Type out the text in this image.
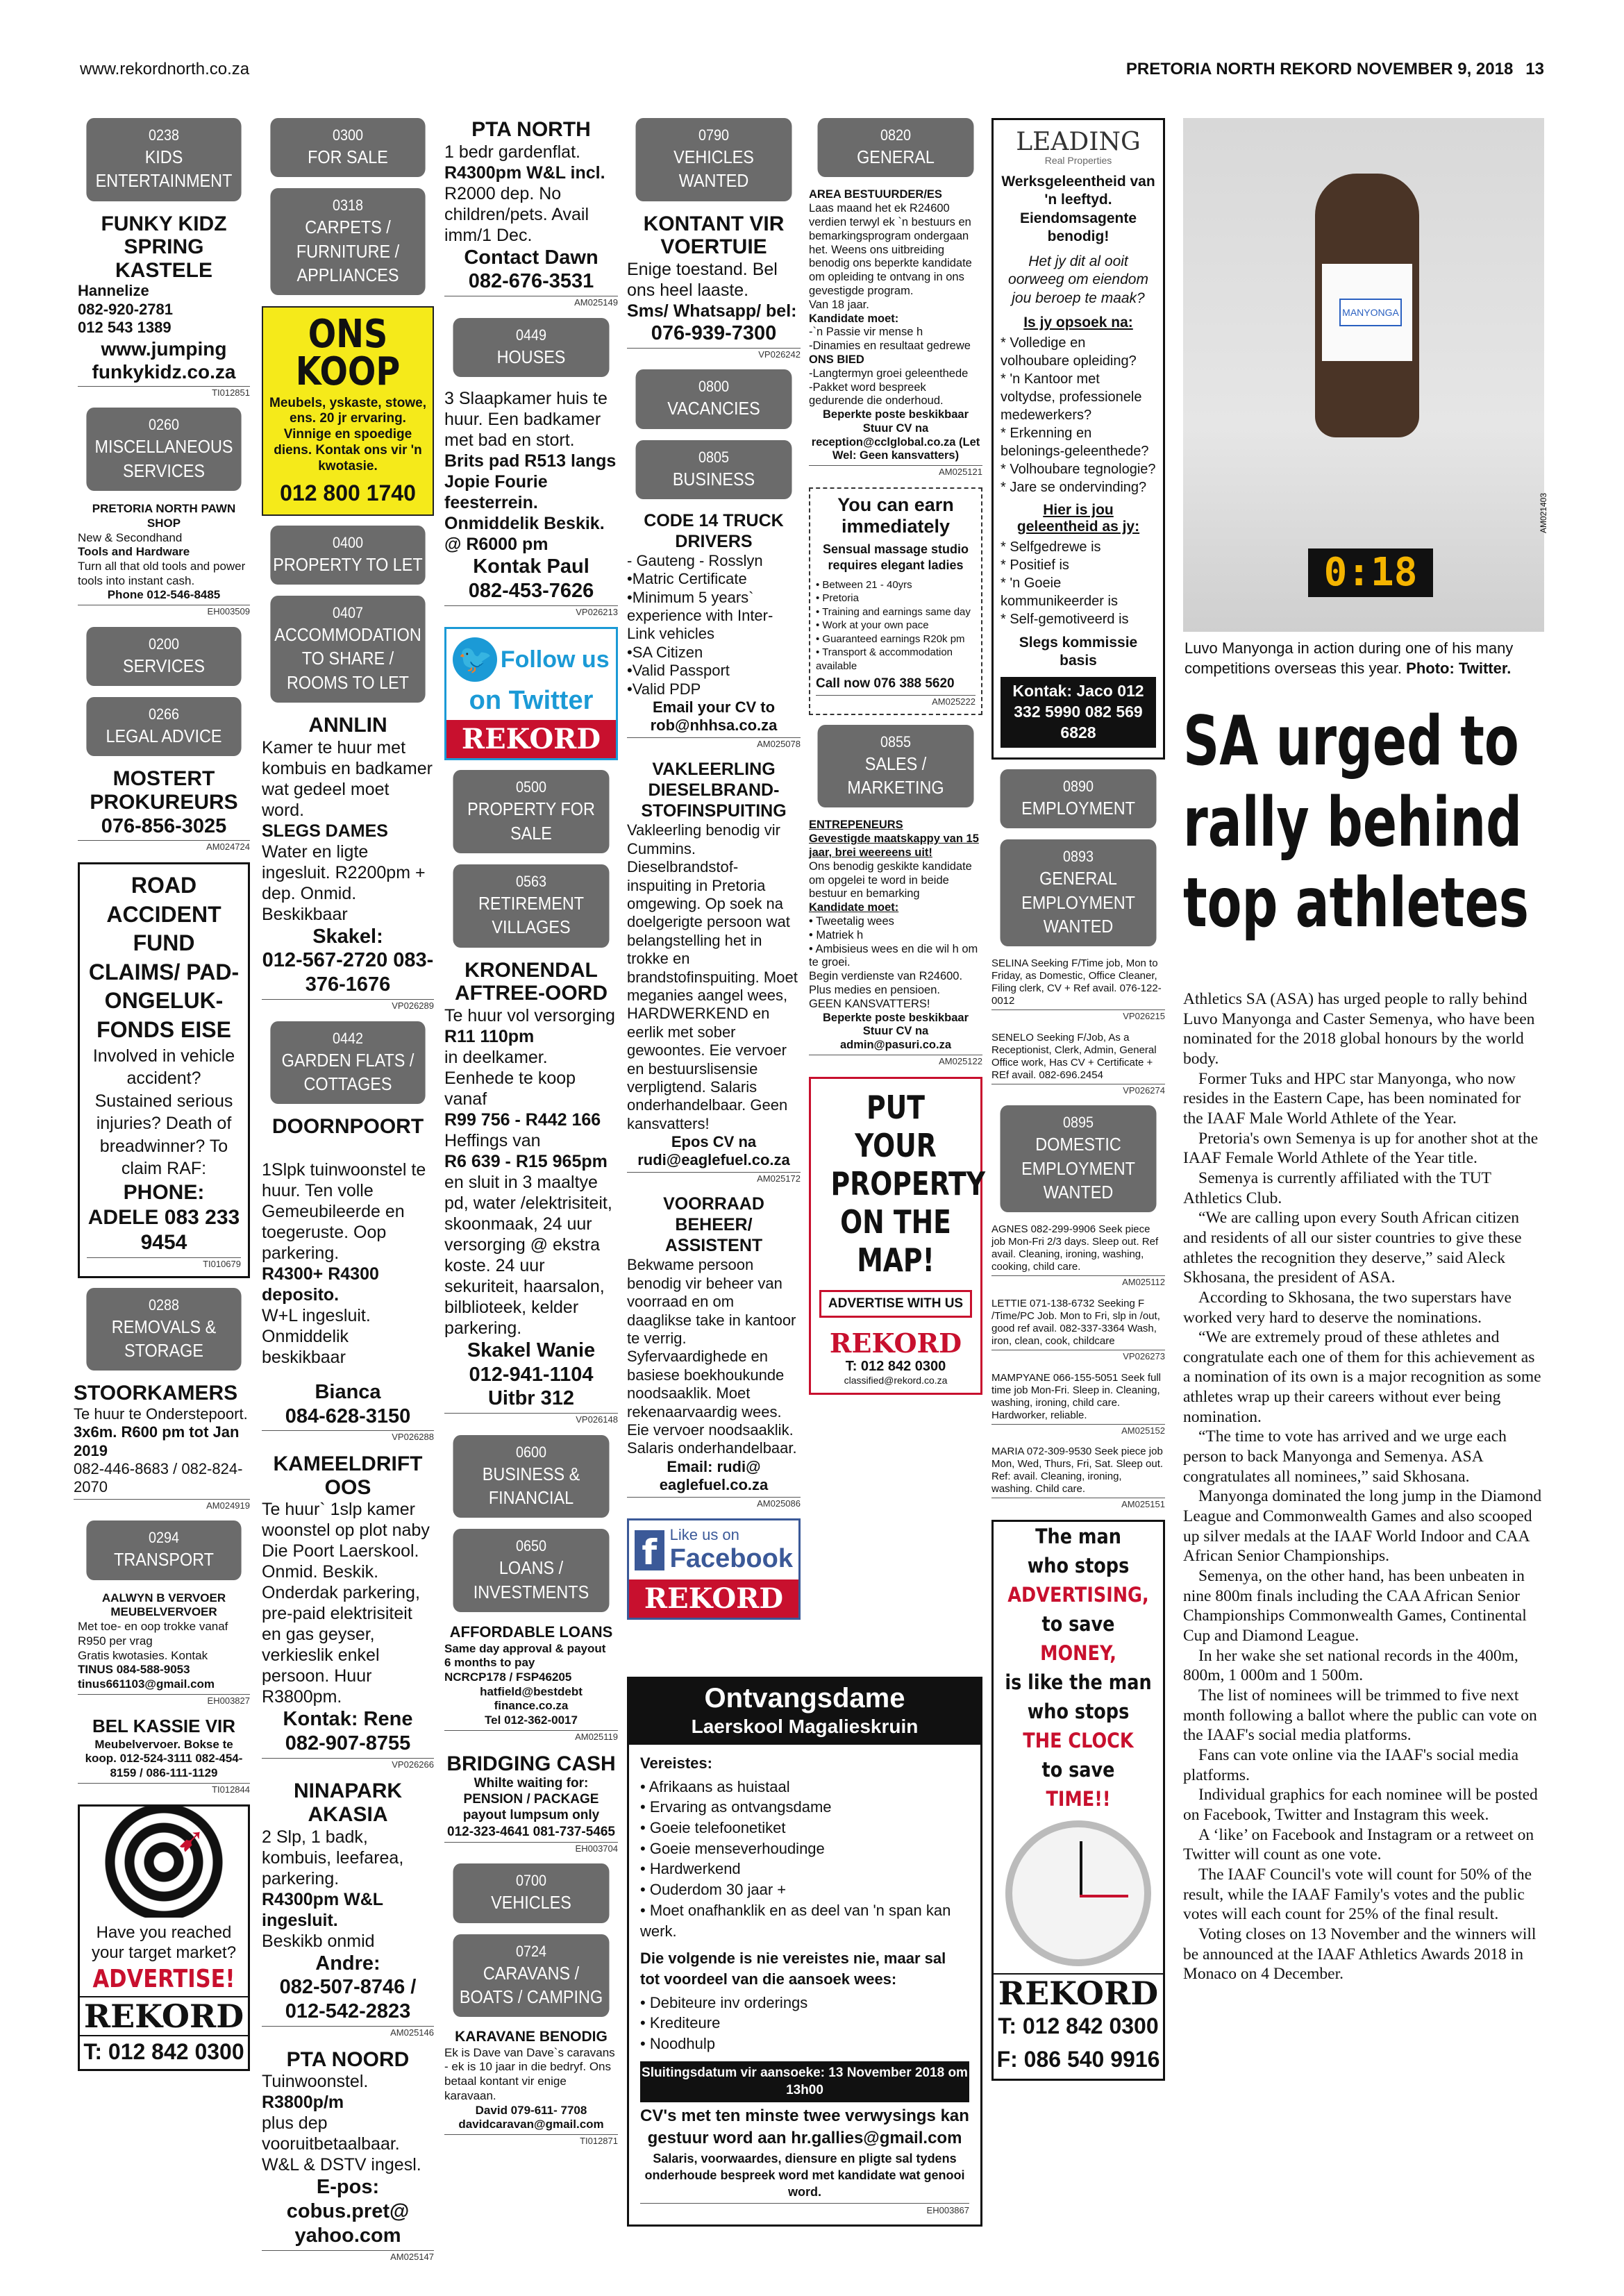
www.rekordnorth.co.za	PRETORIA NORTH REKORD NOVEMBER 9, 2018 13
0238
KIDS ENTERTAINMENT
FUNKY KIDZ SPRING KASTELE
Hannelize
082-920-2781
012 543 1389
www.jumping funkykidz.co.za
TI012851
0260
MISCELLANEOUS SERVICES
PRETORIA NORTH PAWN SHOP
New & Secondhand
Tools and Hardware
Turn all that old tools and power tools into instant cash.
Phone 012-546-8485
EH003509
0200
SERVICES
0266
LEGAL ADVICE
MOSTERT PROKUREURS
076-856-3025
AM024724
ROAD ACCIDENT FUND CLAIMS/ PAD-ONGELUK-FONDS EISE
Involved in vehicle accident? Sustained serious injuries? Death of breadwinner? To claim RAF:
PHONE: ADELE 083 233 9454
TI010679
0288
REMOVALS & STORAGE
STOORKAMERS
Te huur te Onderstepoort.
3x6m. R600 pm tot Jan 2019
082-446-8683 / 082-824-2070
AM024919
0294
TRANSPORT
AALWYN B VERVOER MEUBELVERVOER
Met toe- en oop trokke vanaf R950 per vrag
Gratis kwotasies. Kontak
TINUS 084-588-9053
tinus661103@gmail.com
EH003827
BEL KASSIE VIR
Meubelvervoer. Bokse te koop. 012-524-3111 082-454- 8159 / 086-111-1129
TI012844
➹
Have you reached your target market?
ADVERTISE!
REKORD
T: 012 842 0300
0300
FOR SALE
0318
CARPETS / FURNITURE / APPLIANCES
ONS KOOP
Meubels, yskaste, stowe, ens. 20 jr ervaring. Vinnige en spoedige diens. Kontak ons vir 'n kwotasie.
012 800 1740
0400
PROPERTY TO LET
0407
ACCOMMODATION TO SHARE / ROOMS TO LET
ANNLIN
Kamer te huur met kombuis en badkamer wat gedeel moet word.
SLEGS DAMES
Water en ligte ingesluit. R2200pm + dep. Onmid. Beskikbaar
Skakel:
012-567-2720 083-376-1676
VP026289
0442
GARDEN FLATS / COTTAGES
DOORNPOORT
1Slpk tuinwoonstel te huur. Ten volle Gemeubileerde en toegeruste. Oop parkering.
R4300+ R4300 deposito.
W+L ingesluit. Onmiddelik beskikbaar
Bianca
084-628-3150
VP026288
KAMEELDRIFT OOS
Te huur` 1slp kamer woonstel op plot naby Die Poort Laerskool. Onmid. Beskik. Onderdak parkering, pre-paid elektrisiteit en gas geyser, verkieslik enkel persoon. Huur R3800pm.
Kontak: Rene
082-907-8755
VP026266
NINAPARK AKASIA
2 Slp, 1 badk, kombuis, leefarea, parkering.
R4300pm W&L ingesluit.
Beskikb onmid
Andre:
082-507-8746 / 012-542-2823
AM025146
PTA NOORD
Tuinwoonstel.
R3800p/m
plus dep vooruitbetaalbaar. W&L & DSTV ingesl.
E-pos:
cobus.pret@ yahoo.com
AM025147
PTA NORTH
1 bedr gardenflat.
R4300pm W&L incl.
R2000 dep. No children/pets. Avail imm/1 Dec.
Contact Dawn
082-676-3531
AM025149
0449
HOUSES
3 Slaapkamer huis te huur. Een badkamer met bad en stort.
Brits pad R513 langs Jopie Fourie feesterrein. Onmiddelik Beskik.
@ R6000 pm
Kontak Paul
082-453-7626
VP026213
🐦 Follow us
on Twitter
REKORD
0500
PROPERTY FOR SALE
0563
RETIREMENT VILLAGES
KRONENDAL AFTREE-OORD
Te huur vol versorging
R11 110pm
in deelkamer. Eenhede te koop vanaf
R99 756 - R442 166
Heffings van
R6 639 - R15 965pm
en sluit in 3 maaltye pd, water /elektrisiteit, skoonmaak, 24 uur versorging @ ekstra koste. 24 uur sekuriteit, haarsalon, bilblioteek, kelder parkering.
Skakel Wanie
012-941-1104 Uitbr 312
VP026148
0600
BUSINESS & FINANCIAL
0650
LOANS / INVESTMENTS
AFFORDABLE LOANS
Same day approval & payout
6 months to pay
NCRCP178 / FSP46205
hatfield@bestdebt finance.co.za
Tel 012-362-0017
AM025119
BRIDGING CASH
Whilte waiting for: PENSION / PACKAGE payout lumpsum only
012-323-4641 081-737-5465
EH003704
0700
VEHICLES
0724
CARAVANS / BOATS / CAMPING
KARAVANE BENODIG
Ek is Dave van Dave`s caravans - ek is 10 jaar in die bedryf. Ons betaal kontant vir enige karavaan.
David 079-611- 7708 davidcaravan@gmail.com
TI012871
0790
VEHICLES WANTED
KONTANT VIR VOERTUIE
Enige toestand. Bel ons heel laaste.
Sms/ Whatsapp/ bel:
076-939-7300
VP026242
0800
VACANCIES
0805
BUSINESS
CODE 14 TRUCK DRIVERS
- Gauteng - Rosslyn
•Matric Certificate
•Minimum 5 years` experience with Inter-Link vehicles
•SA Citizen
•Valid Passport
•Valid PDP
Email your CV to rob@nhhsa.co.za
AM025078
VAKLEERLING DIESELBRAND-STOFINSPUITING
Vakleerling benodig vir Cummins. Dieselbrandstof-inspuiting in Pretoria omgewing. Op soek na doelgerigte persoon wat belangstelling het in trokke en brandstofinspuiting. Moet meganies aangel wees, HARDWERKEND en eerlik met sober gewoontes. Eie vervoer en bestuurslisensie verpligtend. Salaris onderhandelbaar. Geen kansvatters!
Epos CV na
rudi@eaglefuel.co.za
AM025172
VOORRAAD BEHEER/ ASSISTENT
Bekwame persoon benodig vir beheer van voorraad en om daaglikse take in kantoor te verrig. Syfervaardighede en basiese boekhoukunde noodsaaklik. Moet rekenaarvaardig wees. Eie vervoer noodsaaklik. Salaris onderhandelbaar.
Email: rudi@ eaglefuel.co.za
AM025086
f Like us on
Facebook
REKORD
0820
GENERAL
AREA BESTUURDER/ES
Laas maand het ek R24600 verdien terwyl ek `n bestuurs en bemarkingsprogram ondergaan het. Weens ons uitbreiding benodig ons beperkte kandidate om opleiding te ontvang in ons gevestigde program.
Van 18 jaar.
Kandidate moet:
-`n Passie vir mense h
-Dinamies en resultaat gedrewe
ONS BIED
-Langtermyn groei geleenthede
-Pakket word bespreek gedurende die onderhoud.
Beperkte poste beskikbaar Stuur CV na reception@cclglobal.co.za (Let Wel: Geen kansvatters)
AM025121
You can earn immediately
Sensual massage studio requires elegant ladies
• Between 21 - 40yrs
• Pretoria
• Training and earnings same day
• Work at your own pace
• Guaranteed earnings R20k pm
• Transport & accommodation available
Call now 076 388 5620
AM025222
0855
SALES / MARKETING
ENTREPENEURS
Gevestigde maatskappy van 15 jaar, brei weereens uit!
Ons benodig geskikte kandidate om opgelei te word in beide bestuur en bemarking
Kandidate moet:
• Tweetalig wees
• Matriek h
• Ambisieus wees en die wil h om te groei.
Begin verdienste van R24600. Plus medies en pensioen.
GEEN KANSVATTERS!
Beperkte poste beskikbaar Stuur CV na admin@pasuri.co.za
AM025122
PUT YOUR PROPERTY ON THE MAP!
ADVERTISE WITH US
REKORD
T: 012 842 0300
classified@rekord.co.za
Ontvangsdame
Laerskool Magalieskruin
Vereistes:
• Afrikaans as huistaal
• Ervaring as ontvangsdame
• Goeie telefoonetiket
• Goeie menseverhoudinge
• Hardwerkend
• Ouderdom 30 jaar +
• Moet onafhanklik en as deel van 'n span kan werk.
Die volgende is nie vereistes nie, maar sal tot voordeel van die aansoek wees:
• Debiteure inv orderings
• Krediteure
• Noodhulp
Sluitingsdatum vir aansoeke: 13 November 2018 om 13h00
CV's met ten minste twee verwysings kan gestuur word aan hr.gallies@gmail.com
Salaris, voorwaardes, diensure en pligte sal tydens onderhoude bespreek word met kandidate wat genooi word.
EH003867
LEADING
Real Properties
Werksgeleentheid van 'n leeftyd. Eiendomsagente benodig!
Het jy dit al ooit oorweeg om eiendom jou beroep te maak?
Is jy opsoek na:
* Volledige en volhoubare opleiding?
* 'n Kantoor met voltydse, professionele medewerkers?
* Erkenning en belonings-geleenthede?
* Volhoubare tegnologie?
* Jare se ondervinding?
Hier is jou geleentheid as jy:
* Selfgedrewe is
* Positief is
* 'n Goeie kommunikeerder is
* Self-gemotiveerd is
Slegs kommissie basis
Kontak: Jaco 012 332 5990 082 569 6828
0890
EMPLOYMENT
0893
GENERAL EMPLOYMENT WANTED
SELINA Seeking F/Time job, Mon to Friday, as Domestic, Office Cleaner, Filing clerk, CV + Ref avail. 076-122-0012
VP026215
SENELO Seeking F/Job, As a Receptionist, Clerk, Admin, General Office work, Has CV + Certificate + REf avail. 082-696.2454
VP026274
0895
DOMESTIC EMPLOYMENT WANTED
AGNES 082-299-9906 Seek piece job Mon-Fri 2/3 days. Sleep out. Ref avail. Cleaning, ironing, washing, cooking, child care.
AM025112
LETTIE 071-138-6732 Seeking F /Time/PC Job. Mon to Fri, slp in /out, good ref avail. 082-337-3364 Wash, iron, clean, cook, childcare
VP026273
MAMPYANE 066-155-5051 Seek full time job Mon-Fri. Sleep in. Cleaning, washing, ironing, child care. Hardworker, reliable.
AM025152
MARIA 072-309-9530 Seek piece job Mon, Wed, Thurs, Fri, Sat. Sleep out. Ref: avail. Cleaning, ironing, washing. Child care.
AM025151
The man
who stops
ADVERTISING,
to save MONEY,
is like the man
who stops
THE CLOCK
to save
TIME!!
REKORD
T: 012 842 0300
F: 086 540 9916
MANYONGA
0:18
AM021403
Luvo Manyonga in action during one of his many competitions overseas this year. Photo: Twitter.
SA urged to rally behind top athletes

Athletics SA (ASA) has urged people to rally behind Luvo Manyonga and Caster Semenya, who have been nominated for the 2018 global honours by the world body.

Former Tuks and HPC star Manyonga, who now resides in the Eastern Cape, has been nominated for the IAAF Male World Athlete of the Year.

Pretoria's own Semenya is up for another shot at the IAAF Female World Athlete of the Year title.

Semenya is currently affiliated with the TUT Athletics Club.

“We are calling upon every South African citizen and residents of all our sister countries to give these athletes the recognition they deserve,” said Aleck Skhosana, the president of ASA.

According to Skhosana, the two superstars have worked very hard to deserve the nominations.

“We are extremely proud of these athletes and congratulate each one of them for this achievement as a nomination of its own is a major recognition as some athletes wrap up their careers without ever being nomination.

“The time to vote has arrived and we urge each person to back Manyonga and Semenya. ASA congratulates all nominees,” said Skhosana.

Manyonga dominated the long jump in the Diamond League and Commonwealth Games and also scooped up silver medals at the IAAF World Indoor and CAA African Senior Championships.

Semenya, on the other hand, has been unbeaten in nine 800m finals including the CAA African Senior Championships Commonwealth Games, Continental Cup and Diamond League.

In her wake she set national records in the 400m, 800m, 1 000m and 1 500m.

The list of nominees will be trimmed to five next month following a ballot where the public can vote on the IAAF's social media platforms.

Fans can vote online via the IAAF's social media platforms.

Individual graphics for each nominee will be posted on Facebook, Twitter and Instagram this week.

A ‘like’ on Facebook and Instagram or a retweet on Twitter will count as one vote.

The IAAF Council's vote will count for 50% of the result, while the IAAF Family's votes and the public votes will each count for 25% of the final result.

Voting closes on 13 November and the winners will be announced at the IAAF Athletics Awards 2018 in Monaco on 4 December.
